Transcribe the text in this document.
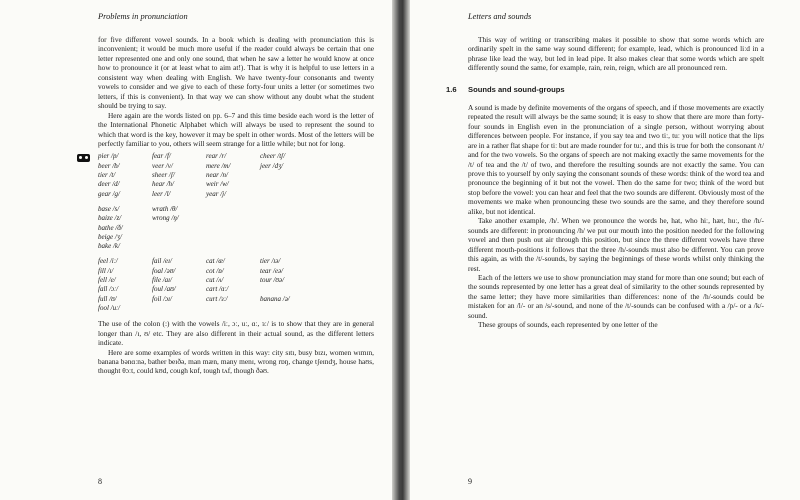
Problems in pronunciation

for five different vowel sounds. In a book which is dealing with pronunciation this is inconvenient; it would be much more useful if the reader could always be certain that one letter represented one and only one sound, that when he saw a letter he would know at once how to pronounce it (or at least what to aim at!). That is why it is helpful to use letters in a consistent way when dealing with English. We have twenty-four consonants and twenty vowels to consider and we give to each of these forty-four units a letter (or sometimes two letters, if this is convenient). In that way we can show without any doubt what the student should be trying to say.

Here again are the words listed on pp. 6–7 and this time beside each word is the letter of the International Phonetic Alphabet which will always be used to represent the sound to which that word is the key, however it may be spelt in other words. Most of the letters will be perfectly familiar to you, others will seem strange for a little while; but not for long.

pier /p/	fear /f/	rear /r/	cheer /tʃ/
beer /b/	veer /v/	mere /m/	jeer /dʒ/
tier /t/	sheer /ʃ/	near /n/
deer /d/	hear /h/	weir /w/
gear /g/	leer /l/	year /j/
base /s/	wrath /θ/
baize /z/	wrong /ŋ/
bathe /ð/
beige /ʒ/
bake /k/
feel /iː/	fail /eɪ/	cat /æ/	tier /ɪə/
fill /ɪ/	foal /əʊ/	cot /ɒ/	tear /eə/
fell /e/	file /aɪ/	cut /ʌ/	tour /ʊə/
fall /ɔː/	foul /aʊ/	cart /ɑː/
full /ʊ/	foil /ɔɪ/	curt /ɜː/	banana /ə/
fool /uː/

The use of the colon (:) with the vowels /iː, ɔː, uː, ɑː, ɜː/ is to show that they are in general longer than /ɪ, ʊ/ etc. They are also different in their actual sound, as the different letters indicate.

Here are some examples of words written in this way: city sɪtɪ, busy bɪzɪ, women wɪmɪn, banana bənɑːnə, bather beɪðə, man mæn, many menɪ, wrong rɒŋ, change tʃeɪndʒ, house haʊs, thought θɔːt, could kʊd, cough kɒf, tough tʌf, though ðəʊ.

8
Letters and sounds

This way of writing or transcribing makes it possible to show that some words which are ordinarily spelt in the same way sound different; for example, lead, which is pronounced liːd in a phrase like lead the way, but led in lead pipe. It also makes clear that some words which are spelt differently sound the same, for example, rain, rein, reign, which are all pronounced reɪn.

1.6 Sounds and sound-groups

A sound is made by definite movements of the organs of speech, and if those movements are exactly repeated the result will always be the same sound; it is easy to show that there are more than forty-four sounds in English even in the pronunciation of a single person, without worrying about differences between people. For instance, if you say tea and two tiː, tuː you will notice that the lips are in a rather flat shape for tiː but are made rounder for tuː, and this is true for both the consonant /t/ and for the two vowels. So the organs of speech are not making exactly the same movements for the /t/ of tea and the /t/ of two, and therefore the resulting sounds are not exactly the same. You can prove this to yourself by only saying the consonant sounds of these words: think of the word tea and pronounce the beginning of it but not the vowel. Then do the same for two; think of the word but stop before the vowel: you can hear and feel that the two sounds are different. Obviously most of the movements we make when pronouncing these two sounds are the same, and they therefore sound alike, but not identical.

Take another example, /h/. When we pronounce the words he, hat, who hiː, hæt, huː, the /h/-sounds are different: in pronouncing /h/ we put our mouth into the position needed for the following vowel and then push out air through this position, but since the three different vowels have three different mouth-positions it follows that the three /h/-sounds must also be different. You can prove this again, as with the /t/-sounds, by saying the beginnings of these words whilst only thinking the rest.

Each of the letters we use to show pronunciation may stand for more than one sound; but each of the sounds represented by one letter has a great deal of similarity to the other sounds represented by the same letter; they have more similarities than differences: none of the /h/-sounds could be mistaken for an /l/- or an /s/-sound, and none of the /t/-sounds can be confused with a /p/- or a /k/-sound.

These groups of sounds, each represented by one letter of the

9
